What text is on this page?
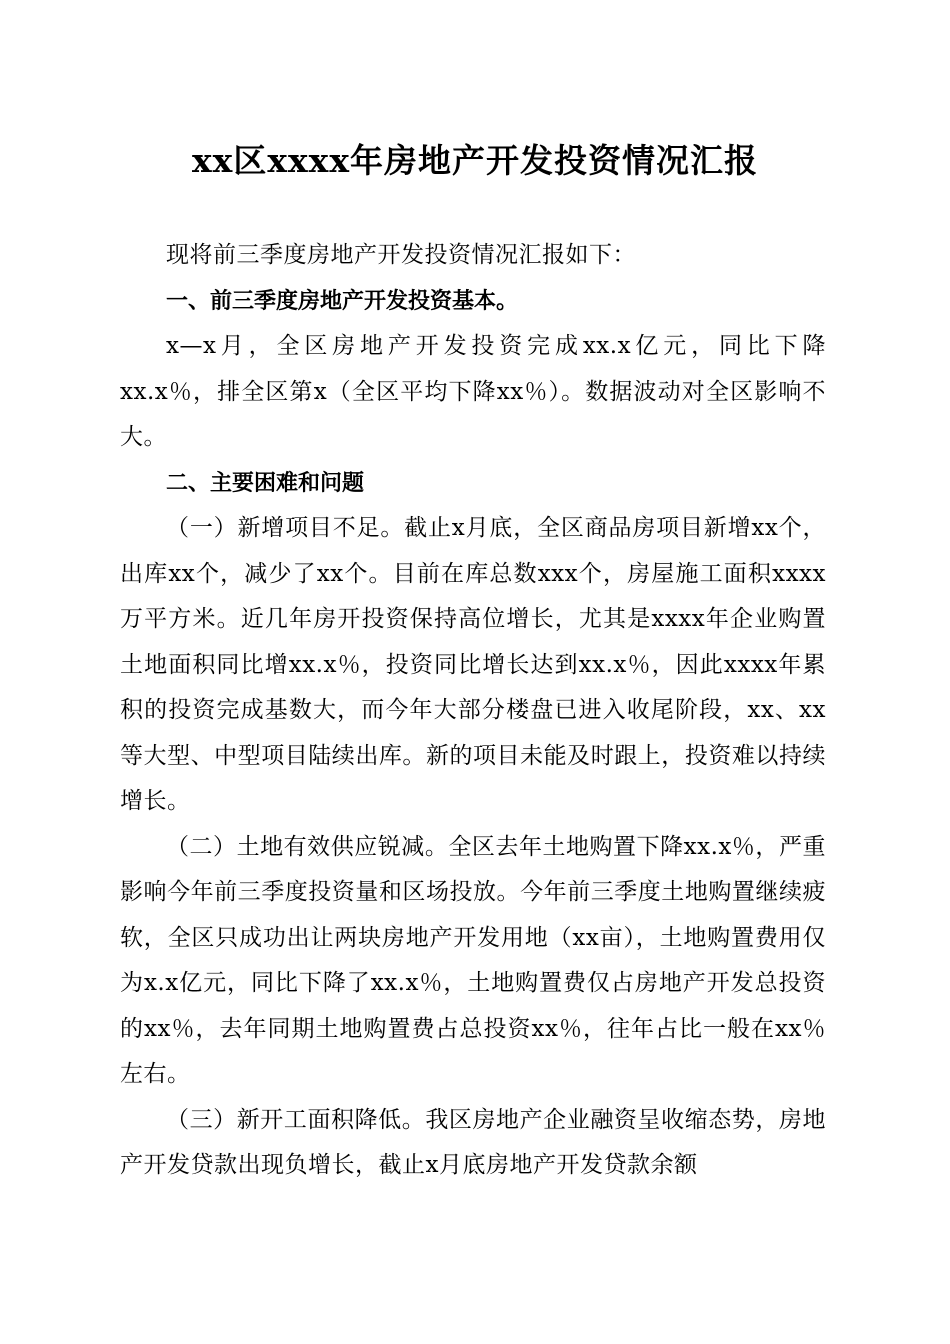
xx区xxxx年房地产开发投资情况汇报

现将前三季度房地产开发投资情况汇报如下：

一、前三季度房地产开发投资基本。

x—x月，全区房地产开发投资完成xx.x亿元，同比下降xx.x％，排全区第x（全区平均下降xx％）。数据波动对全区影响不大。

二、主要困难和问题

（一）新增项目不足。截止x月底，全区商品房项目新增xx个，出库xx个，减少了xx个。目前在库总数xxx个，房屋施工面积xxxx万平方米。近几年房开投资保持高位增长，尤其是xxxx年企业购置土地面积同比增xx.x％，投资同比增长达到xx.x％，因此xxxx年累积的投资完成基数大，而今年大部分楼盘已进入收尾阶段，xx、xx等大型、中型项目陆续出库。新的项目未能及时跟上，投资难以持续增长。

（二）土地有效供应锐减。全区去年土地购置下降xx.x％，严重影响今年前三季度投资量和区场投放。今年前三季度土地购置继续疲软，全区只成功出让两块房地产开发用地（xx亩），土地购置费用仅为x.x亿元，同比下降了xx.x％，土地购置费仅占房地产开发总投资的xx％，去年同期土地购置费占总投资xx％，往年占比一般在xx％左右。

（三）新开工面积降低。我区房地产企业融资呈收缩态势，房地产开发贷款出现负增长，截止x月底房地产开发贷款余额
